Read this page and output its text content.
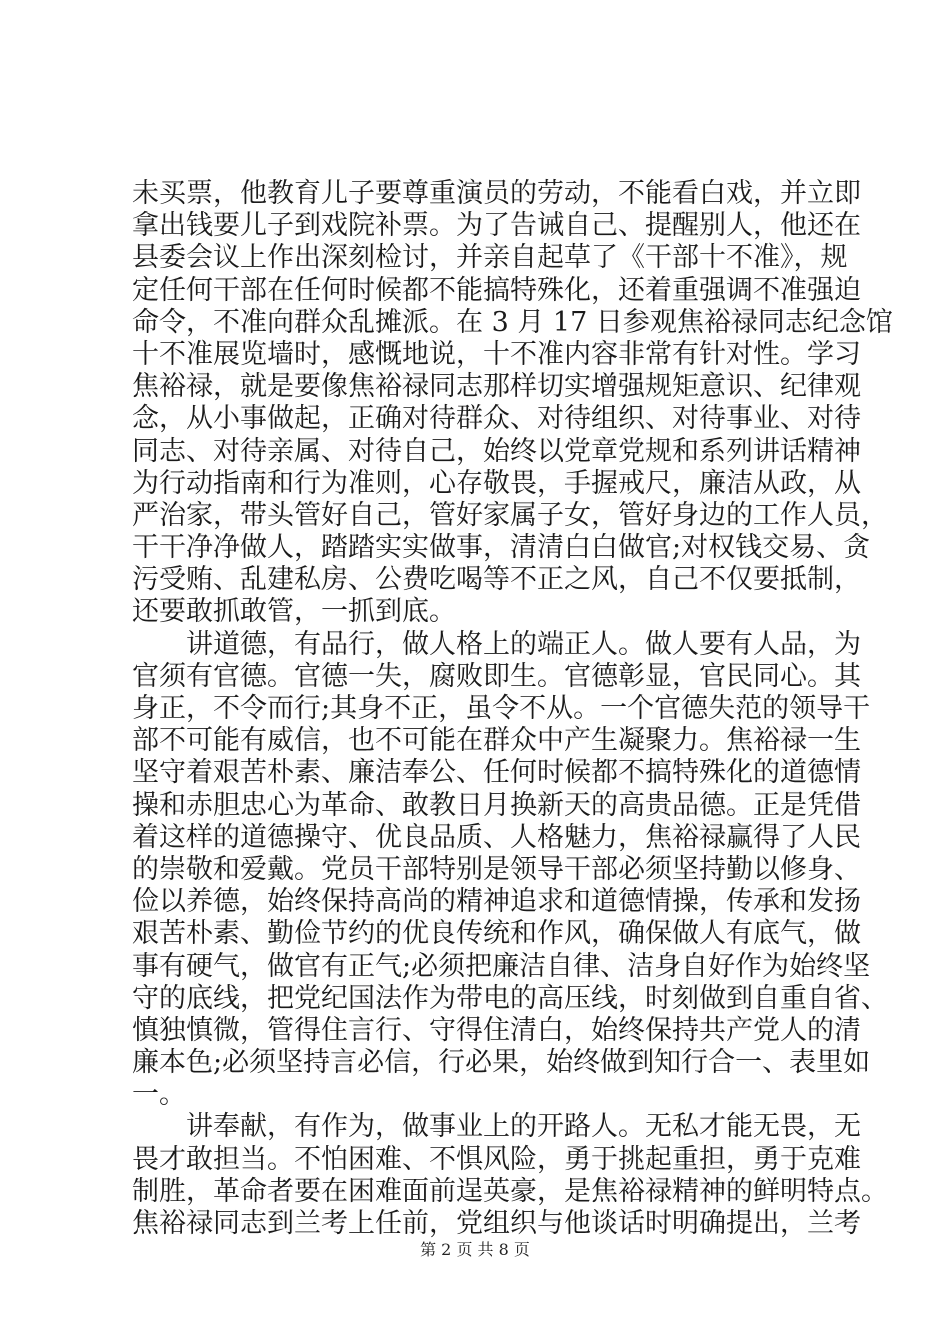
未买票，他教育儿子要尊重演员的劳动，不能看白戏，并立即
拿出钱要儿子到戏院补票。为了告诫自己、提醒别人，他还在
县委会议上作出深刻检讨，并亲自起草了《干部十不准》，规
定任何干部在任何时候都不能搞特殊化，还着重强调不准强迫
命令，不准向群众乱摊派。在 3 月 17 日参观焦裕禄同志纪念馆
十不准展览墙时，感慨地说，十不准内容非常有针对性。学习
焦裕禄，就是要像焦裕禄同志那样切实增强规矩意识、纪律观
念，从小事做起，正确对待群众、对待组织、对待事业、对待
同志、对待亲属、对待自己，始终以党章党规和系列讲话精神
为行动指南和行为准则，心存敬畏，手握戒尺，廉洁从政，从
严治家，带头管好自己，管好家属子女，管好身边的工作人员，
干干净净做人，踏踏实实做事，清清白白做官;对权钱交易、贪
污受贿、乱建私房、公费吃喝等不正之风，自己不仅要抵制，
还要敢抓敢管，一抓到底。
　　讲道德，有品行，做人格上的端正人。做人要有人品，为
官须有官德。官德一失，腐败即生。官德彰显，官民同心。其
身正，不令而行;其身不正，虽令不从。一个官德失范的领导干
部不可能有威信，也不可能在群众中产生凝聚力。焦裕禄一生
坚守着艰苦朴素、廉洁奉公、任何时候都不搞特殊化的道德情
操和赤胆忠心为革命、敢教日月换新天的高贵品德。正是凭借
着这样的道德操守、优良品质、人格魅力，焦裕禄赢得了人民
的崇敬和爱戴。党员干部特别是领导干部必须坚持勤以修身、
俭以养德，始终保持高尚的精神追求和道德情操，传承和发扬
艰苦朴素、勤俭节约的优良传统和作风，确保做人有底气，做
事有硬气，做官有正气;必须把廉洁自律、洁身自好作为始终坚
守的底线，把党纪国法作为带电的高压线，时刻做到自重自省、
慎独慎微，管得住言行、守得住清白，始终保持共产党人的清
廉本色;必须坚持言必信，行必果，始终做到知行合一、表里如
一。
　　讲奉献，有作为，做事业上的开路人。无私才能无畏，无
畏才敢担当。不怕困难、不惧风险，勇于挑起重担，勇于克难
制胜，革命者要在困难面前逞英豪，是焦裕禄精神的鲜明特点。
焦裕禄同志到兰考上任前，党组织与他谈话时明确提出，兰考
第 2 页 共 8 页
